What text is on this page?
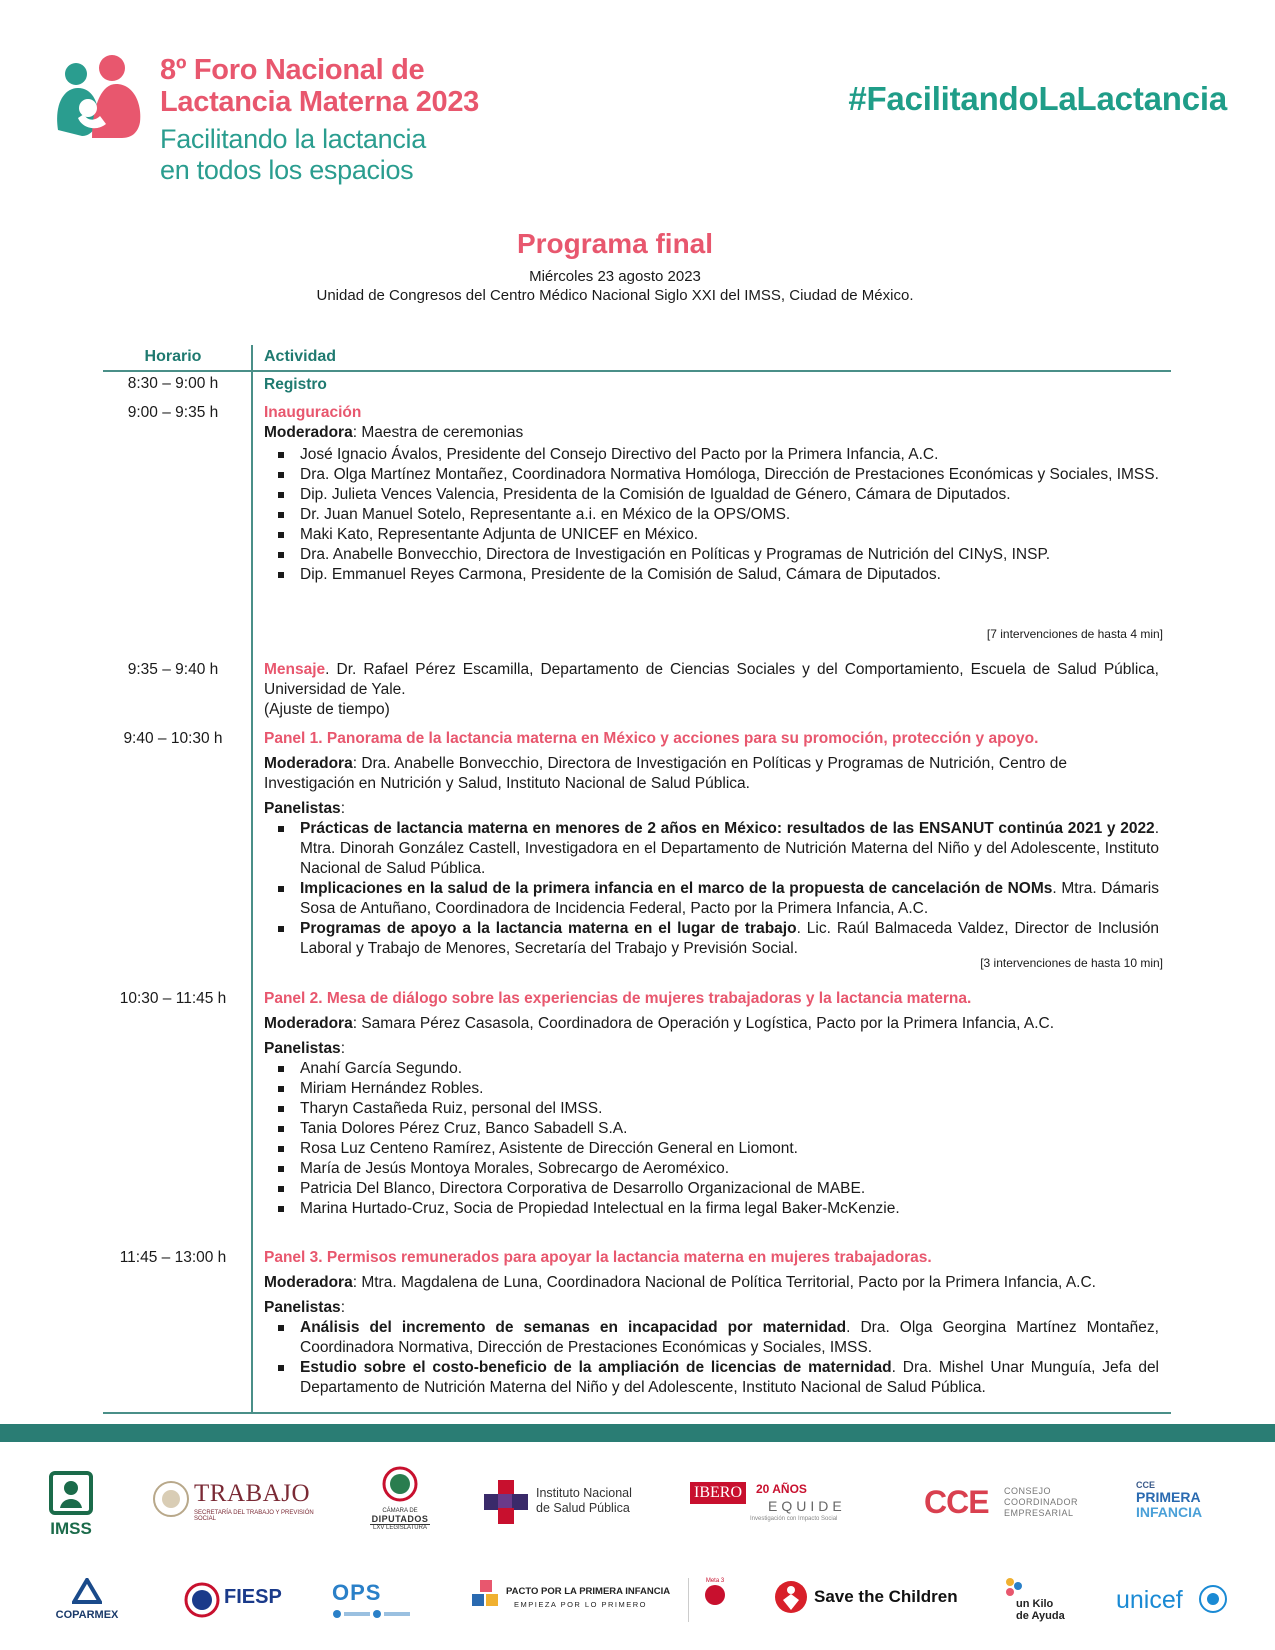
8º Foro Nacional de
Lactancia Materna 2023
Facilitando la lactancia
en todos los espacios
#FacilitandoLaLactancia
Programa final
Miércoles 23 agosto 2023
Unidad de Congresos del Centro Médico Nacional Siglo XXI del IMSS, Ciudad de México.
Horario	Actividad
8:30 – 9:00 h	Registro
9:00 – 9:35 h	Inauguración
Moderadora: Maestra de ceremonias
José Ignacio Ávalos, Presidente del Consejo Directivo del Pacto por la Primera Infancia, A.C.
Dra. Olga Martínez Montañez, Coordinadora Normativa Homóloga, Dirección de Prestaciones Económicas y Sociales, IMSS.
Dip. Julieta Vences Valencia, Presidenta de la Comisión de Igualdad de Género, Cámara de Diputados.
Dr. Juan Manuel Sotelo, Representante a.i. en México de la OPS/OMS.
Maki Kato, Representante Adjunta de UNICEF en México.
Dra. Anabelle Bonvecchio, Directora de Investigación en Políticas y Programas de Nutrición del CINyS, INSP.
Dip. Emmanuel Reyes Carmona, Presidente de la Comisión de Salud, Cámara de Diputados.
[7 intervenciones de hasta 4 min]
9:35 – 9:40 h	Mensaje. Dr. Rafael Pérez Escamilla, Departamento de Ciencias Sociales y del Comportamiento, Escuela de Salud Pública, Universidad de Yale.
(Ajuste de tiempo)
9:40 – 10:30 h	Panel 1. Panorama de la lactancia materna en México y acciones para su promoción, protección y apoyo.
Moderadora: Dra. Anabelle Bonvecchio, Directora de Investigación en Políticas y Programas de Nutrición, Centro de Investigación en Nutrición y Salud, Instituto Nacional de Salud Pública.
Panelistas:
Prácticas de lactancia materna en menores de 2 años en México: resultados de las ENSANUT continúa 2021 y 2022. Mtra. Dinorah González Castell, Investigadora en el Departamento de Nutrición Materna del Niño y del Adolescente, Instituto Nacional de Salud Pública.
Implicaciones en la salud de la primera infancia en el marco de la propuesta de cancelación de NOMs. Mtra. Dámaris Sosa de Antuñano, Coordinadora de Incidencia Federal, Pacto por la Primera Infancia, A.C.
Programas de apoyo a la lactancia materna en el lugar de trabajo. Lic. Raúl Balmaceda Valdez, Director de Inclusión Laboral y Trabajo de Menores, Secretaría del Trabajo y Previsión Social.
[3 intervenciones de hasta 10 min]
10:30 – 11:45 h	Panel 2. Mesa de diálogo sobre las experiencias de mujeres trabajadoras y la lactancia materna.
Moderadora: Samara Pérez Casasola, Coordinadora de Operación y Logística, Pacto por la Primera Infancia, A.C.
Panelistas:
Anahí García Segundo.
Miriam Hernández Robles.
Tharyn Castañeda Ruiz, personal del IMSS.
Tania Dolores Pérez Cruz, Banco Sabadell S.A.
Rosa Luz Centeno Ramírez, Asistente de Dirección General en Liomont.
María de Jesús Montoya Morales, Sobrecargo de Aeroméxico.
Patricia Del Blanco, Directora Corporativa de Desarrollo Organizacional de MABE.
Marina Hurtado-Cruz, Socia de Propiedad Intelectual en la firma legal Baker-McKenzie.
11:45 – 13:00 h	Panel 3. Permisos remunerados para apoyar la lactancia materna en mujeres trabajadoras.
Moderadora: Mtra. Magdalena de Luna, Coordinadora Nacional de Política Territorial, Pacto por la Primera Infancia, A.C.
Panelistas:
Análisis del incremento de semanas en incapacidad por maternidad. Dra. Olga Georgina Martínez Montañez, Coordinadora Normativa, Dirección de Prestaciones Económicas y Sociales, IMSS.
Estudio sobre el costo-beneficio de la ampliación de licencias de maternidad. Dra. Mishel Unar Munguía, Jefa del Departamento de Nutrición Materna del Niño y del Adolescente, Instituto Nacional de Salud Pública.
IMSS
TRABAJO
SECRETARÍA DEL TRABAJO Y PREVISIÓN SOCIAL
CÁMARA DE
DIPUTADOS
LXV LEGISLATURA
Instituto Nacional
de Salud Pública
IBERO	20 AÑOS
EQUIDE
Investigación con Impacto Social	CCE CONSEJO
COORDINADOR
EMPRESARIAL
CCE
PRIMERA
INFANCIA
COPARMEX
FIESP OPS	PACTO POR LA PRIMERA INFANCIA
EMPIEZA POR LO PRIMERO
Meta 3
Save the Children	un Kilo
de Ayuda
unicef
